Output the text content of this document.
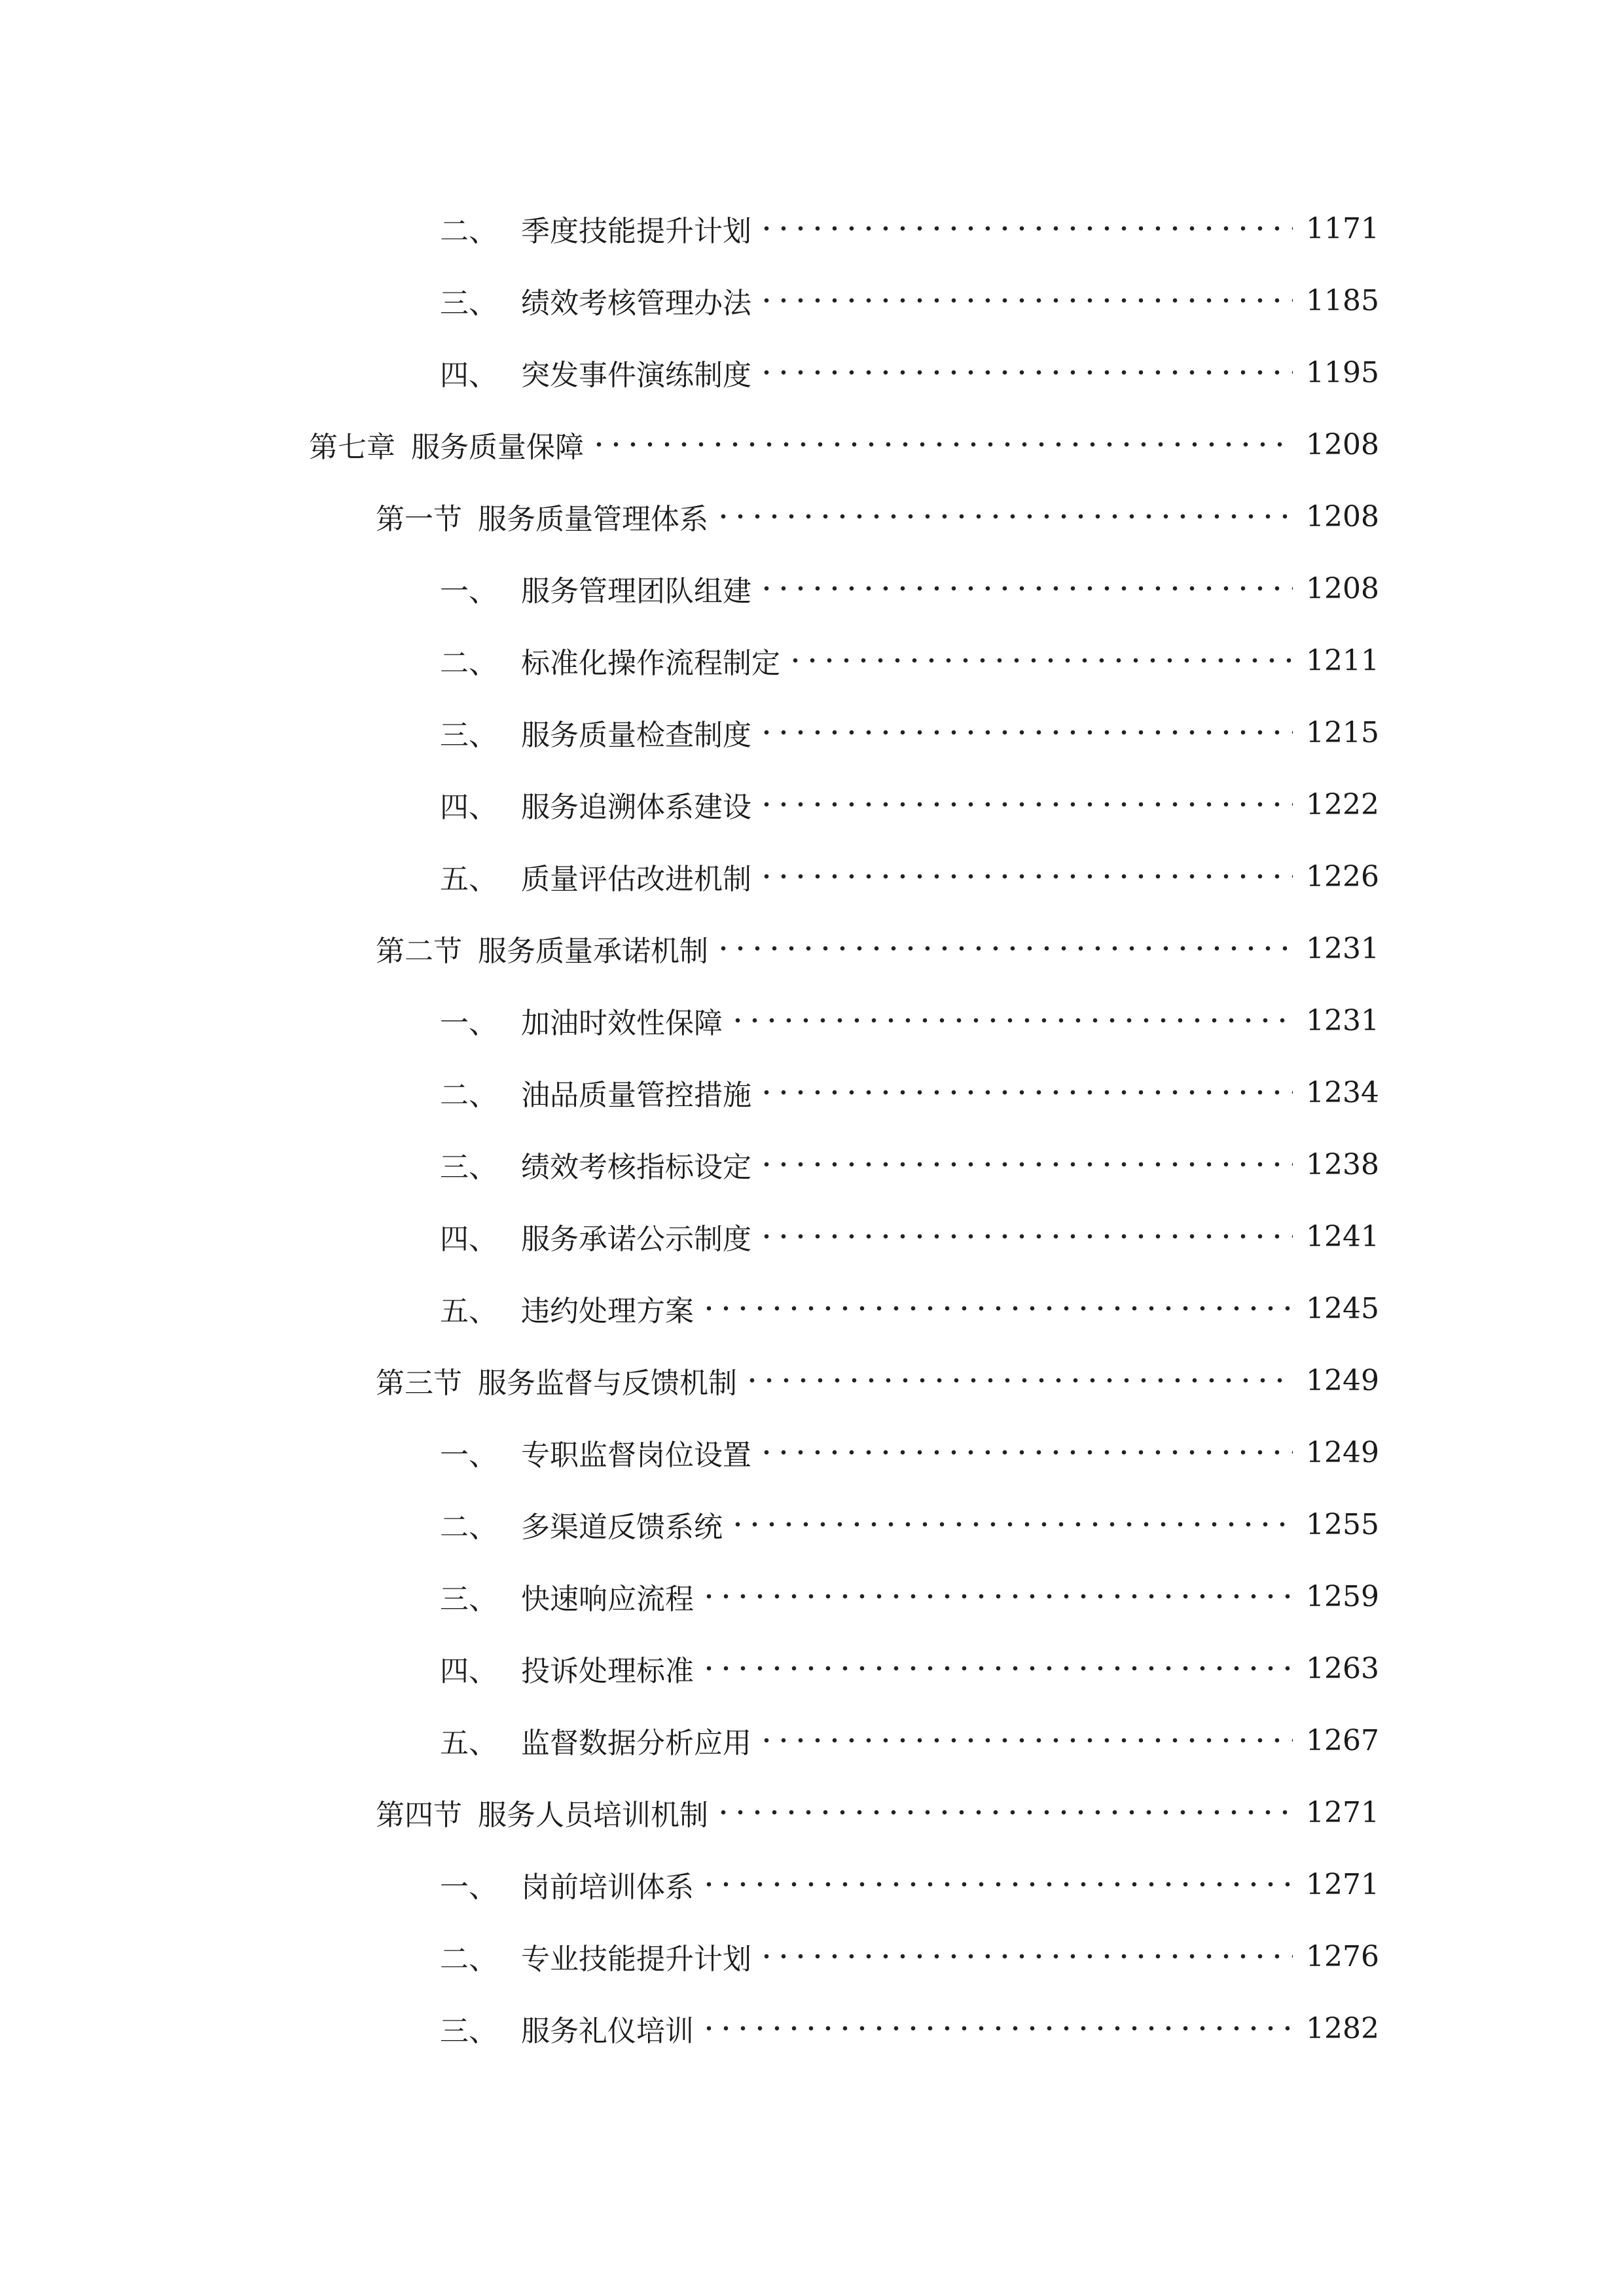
二、 季度技能提升计划	1171
三、 绩效考核管理办法	1185
四、 突发事件演练制度	1195
第七章 服务质量保障	1208
第一节 服务质量管理体系	1208
一、 服务管理团队组建	1208
二、 标准化操作流程制定	1211
三、 服务质量检查制度	1215
四、 服务追溯体系建设	1222
五、 质量评估改进机制	1226
第二节 服务质量承诺机制	1231
一、 加油时效性保障	1231
二、 油品质量管控措施	1234
三、 绩效考核指标设定	1238
四、 服务承诺公示制度	1241
五、 违约处理方案	1245
第三节 服务监督与反馈机制	1249
一、 专职监督岗位设置	1249
二、 多渠道反馈系统	1255
三、 快速响应流程	1259
四、 投诉处理标准	1263
五、 监督数据分析应用	1267
第四节 服务人员培训机制	1271
一、 岗前培训体系	1271
二、 专业技能提升计划	1276
三、 服务礼仪培训	1282
